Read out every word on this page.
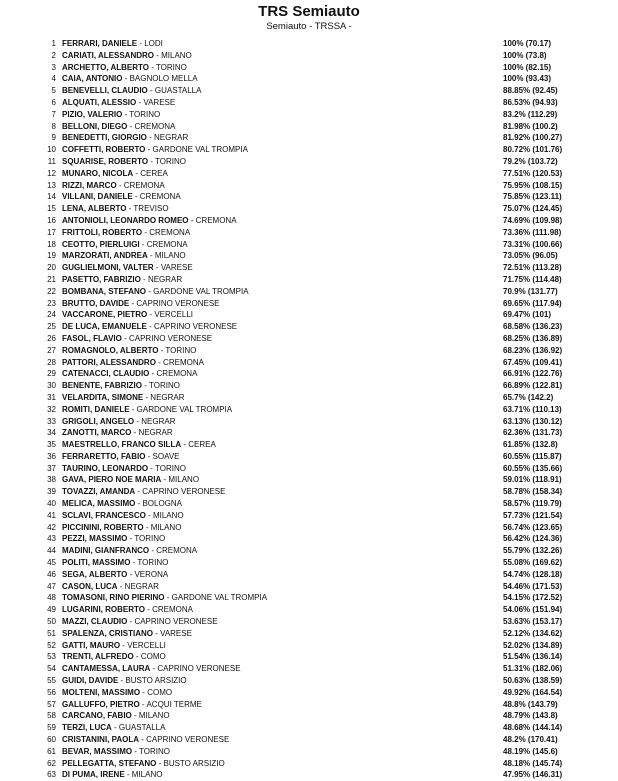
TRS Semiauto
Semiauto - TRSSA -
1 FERRARI, DANIELE - LODI	100% (70.17)
2 CARIATI, ALESSANDRO - MILANO	100% (73.8)
3 ARCHETTO, ALBERTO - TORINO	100% (82.15)
4 CAIA, ANTONIO - BAGNOLO MELLA	100% (93.43)
5 BENEVELLI, CLAUDIO - GUASTALLA	88.85% (92.45)
6 ALQUATI, ALESSIO - VARESE	86.53% (94.93)
7 PIZIO, VALERIO - TORINO	83.2% (112.29)
8 BELLONI, DIEGO - CREMONA	81.98% (100.2)
9 BENEDETTI, GIORGIO - NEGRAR	81.92% (100.27)
10 COFFETTI, ROBERTO - GARDONE VAL TROMPIA	80.72% (101.76)
11 SQUARISE, ROBERTO - TORINO	79.2% (103.72)
12 MUNARO, NICOLA - CEREA	77.51% (120.53)
13 RIZZI, MARCO - CREMONA	75.95% (108.15)
14 VILLANI, DANIELE - CREMONA	75.85% (123.11)
15 LENA, ALBERTO - TREVISO	75.07% (124.45)
16 ANTONIOLI, LEONARDO ROMEO - CREMONA	74.69% (109.98)
17 FRITTOLI, ROBERTO - CREMONA	73.36% (111.98)
18 CEOTTO, PIERLUIGI - CREMONA	73.31% (100.66)
19 MARZORATI, ANDREA - MILANO	73.05% (96.05)
20 GUGLIELMONI, VALTER - VARESE	72.51% (113.28)
21 PASETTO, FABRIZIO - NEGRAR	71.75% (114.48)
22 BOMBANA, STEFANO - GARDONE VAL TROMPIA	70.9% (131.77)
23 BRUTTO, DAVIDE - CAPRINO VERONESE	69.65% (117.94)
24 VACCARONE, PIETRO - VERCELLI	69.47% (101)
25 DE LUCA, EMANUELE - CAPRINO VERONESE	68.58% (136.23)
26 FASOL, FLAVIO - CAPRINO VERONESE	68.25% (136.89)
27 ROMAGNOLO, ALBERTO - TORINO	68.23% (136.92)
28 PATTORI, ALESSANDRO - CREMONA	67.45% (109.41)
29 CATENACCI, CLAUDIO - CREMONA	66.91% (122.76)
30 BENENTE, FABRIZIO - TORINO	66.89% (122.81)
31 VELARDITA, SIMONE - NEGRAR	65.7% (142.2)
32 ROMITI, DANIELE - GARDONE VAL TROMPIA	63.71% (110.13)
33 GRIGOLI, ANGELO - NEGRAR	63.13% (130.12)
34 ZANOTTI, MARCO - NEGRAR	62.36% (131.73)
35 MAESTRELLO, FRANCO SILLA - CEREA	61.85% (132.8)
36 FERRARETTO, FABIO - SOAVE	60.55% (115.87)
37 TAURINO, LEONARDO - TORINO	60.55% (135.66)
38 GAVA, PIERO NOE MARIA - MILANO	59.01% (118.91)
39 TOVAZZI, AMANDA - CAPRINO VERONESE	58.78% (158.34)
40 MELICA, MASSIMO - BOLOGNA	58.57% (119.79)
41 SCLAVI, FRANCESCO - MILANO	57.73% (121.54)
42 PICCININI, ROBERTO - MILANO	56.74% (123.65)
43 PEZZI, MASSIMO - TORINO	56.42% (124.36)
44 MADINI, GIANFRANCO - CREMONA	55.79% (132.26)
45 POLITI, MASSIMO - TORINO	55.08% (169.62)
46 SEGA, ALBERTO - VERONA	54.74% (128.18)
47 CASON, LUCA - NEGRAR	54.46% (171.53)
48 TOMASONI, RINO PIERINO - GARDONE VAL TROMPIA	54.15% (172.52)
49 LUGARINI, ROBERTO - CREMONA	54.06% (151.94)
50 MAZZI, CLAUDIO - CAPRINO VERONESE	53.63% (153.17)
51 SPALENZA, CRISTIANO - VARESE	52.12% (134.62)
52 GATTI, MAURO - VERCELLI	52.02% (134.89)
53 TRENTI, ALFREDO - COMO	51.54% (136.14)
54 CANTAMESSA, LAURA - CAPRINO VERONESE	51.31% (182.06)
55 GUIDI, DAVIDE - BUSTO ARSIZIO	50.63% (138.59)
56 MOLTENI, MASSIMO - COMO	49.92% (164.54)
57 GALLUFFO, PIETRO - ACQUI TERME	48.8% (143.79)
58 CARCANO, FABIO - MILANO	48.79% (143.8)
59 TERZI, LUCA - GUASTALLA	48.68% (144.14)
60 CRISTANINI, PAOLA - CAPRINO VERONESE	48.2% (170.41)
61 BEVAR, MASSIMO - TORINO	48.19% (145.6)
62 PELLEGATTA, STEFANO - BUSTO ARSIZIO	48.18% (145.74)
63 DI PUMA, IRENE - MILANO	47.95% (146.31)
